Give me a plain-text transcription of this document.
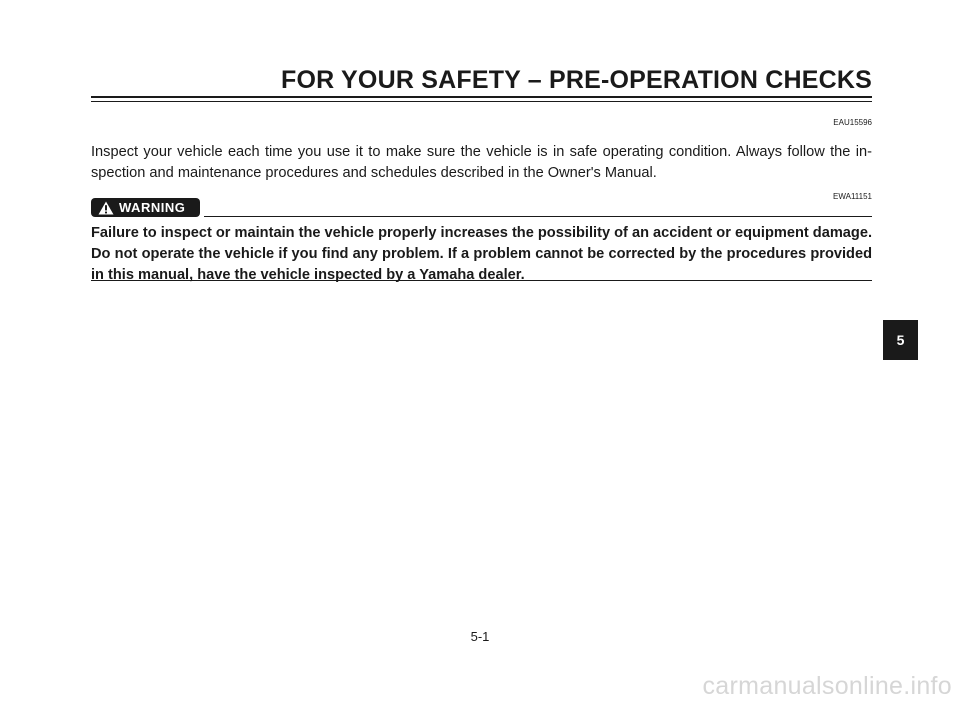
FOR YOUR SAFETY – PRE-OPERATION CHECKS
EAU15596

Inspect your vehicle each time you use it to make sure the vehicle is in safe operating condition. Always follow the inspection and maintenance procedures and schedules described in the Owner's Manual.

EWA11151
WARNING

Failure to inspect or maintain the vehicle properly increases the possibility of an accident or equipment damage. Do not operate the vehicle if you find any problem. If a problem cannot be corrected by the procedures provided in this manual, have the vehicle inspected by a Yamaha dealer.

5
5-1
carmanualsonline.info
